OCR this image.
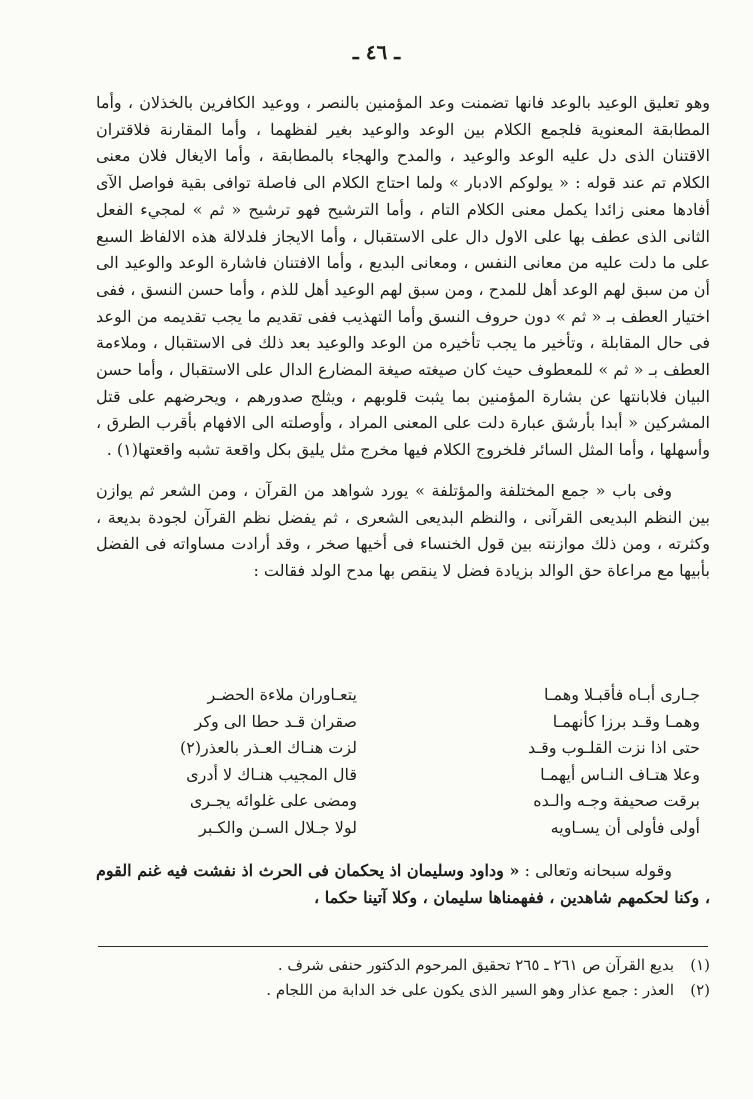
ـ ٤٦ ـ

وهو تعليق الوعيد بالوعد فانها تضمنت وعد المؤمنين بالنصر ، ووعيد الكافرين بالخذلان ، وأما المطابقة المعنوية فلجمع الكلام بين الوعد والوعيد بغير لفظهما ، وأما المقارنة فلاقتران الاقتنان الذى دل عليه الوعد والوعيد ، والمدح والهجاء بالمطابقة ، وأما الايغال فلان معنى الكلام تم عند قوله : « يولوكم الادبار » ولما احتاج الكلام الى فاصلة توافى بقية فواصل الآى أفادها معنى زائدا يكمل معنى الكلام التام ، وأما الترشيح فهو ترشيح « ثم » لمجيء الفعل الثانى الذى عطف بها على الاول دال على الاستقبال ، وأما الايجاز فلدلالة هذه الالفاظ السبع على ما دلت عليه من معانى النفس ، ومعانى البديع ، وأما الافتنان فاشارة الوعد والوعيد الى أن من سبق لهم الوعد أهل للمدح ، ومن سبق لهم الوعيد أهل للذم ، وأما حسن النسق ، ففى اختيار العطف بـ « ثم » دون حروف النسق وأما التهذيب ففى تقديم ما يجب تقديمه من الوعد فى حال المقابلة ، وتأخير ما يجب تأخيره من الوعد والوعيد بعد ذلك فى الاستقبال ، وملاءمة العطف بـ « ثم » للمعطوف حيث كان صيغته صيغة المضارع الدال على الاستقبال ، وأما حسن البيان فلابانتها عن بشارة المؤمنين بما يثبت قلوبهم ، ويثلج صدورهم ، ويحرضهم على قتل المشركين « أبدا بأرشق عبارة دلت على المعنى المراد ، وأوصلته الى الافهام بأقرب الطرق ، وأسهلها ، وأما المثل السائر فلخروج الكلام فيها مخرج مثل يليق بكل واقعة تشبه واقعتها(١) .

وفى باب « جمع المختلفة والمؤتلفة » يورد شواهد من القرآن ، ومن الشعر ثم يوازن بين النظم البديعى القرآنى ، والنظم البديعى الشعرى ، ثم يفضل نظم القرآن لجودة بديعة ، وكثرته ، ومن ذلك موازنته بين قول الخنساء فى أخيها صخر ، وقد أرادت مساواته فى الفضل بأبيها مع مراعاة حق الوالد بزيادة فضل لا ينقص بها مدح الولد فقالت :

جـارى أبـاه فأقبـلا وهمـا
يتعـاوران ملاءة الحضـر
وهمـا وقـد برزا كأنهمـا
صقران قـد حطا الى وكر
حتى اذا نزت القلـوب وقـد
لزت هنـاك العـذر بالعذر(٢)
وعلا هتـاف النـاس أيهمـا
قال المجيب هنـاك لا أدرى
برقت صحيفة وجـه والـده
ومضى على غلوائه يجـرى
أولى فأولى أن يسـاويه
لولا جـلال السـن والكـبر
وقوله سبحانه وتعالى : « وداود وسليمان اذ يحكمان فى الحرث اذ نفشت فيه غنم القوم ، وكنا لحكمهم شاهدين ، ففهمناها سليمان ، وكلا آتينا حكما ،
(١)
بديع القرآن ص ٢٦١ ـ ٢٦٥ تحقيق المرحوم الدكتور حنفى شرف .
(٢)
العذر : جمع عذار وهو السير الذى يكون على خد الدابة من اللجام .
